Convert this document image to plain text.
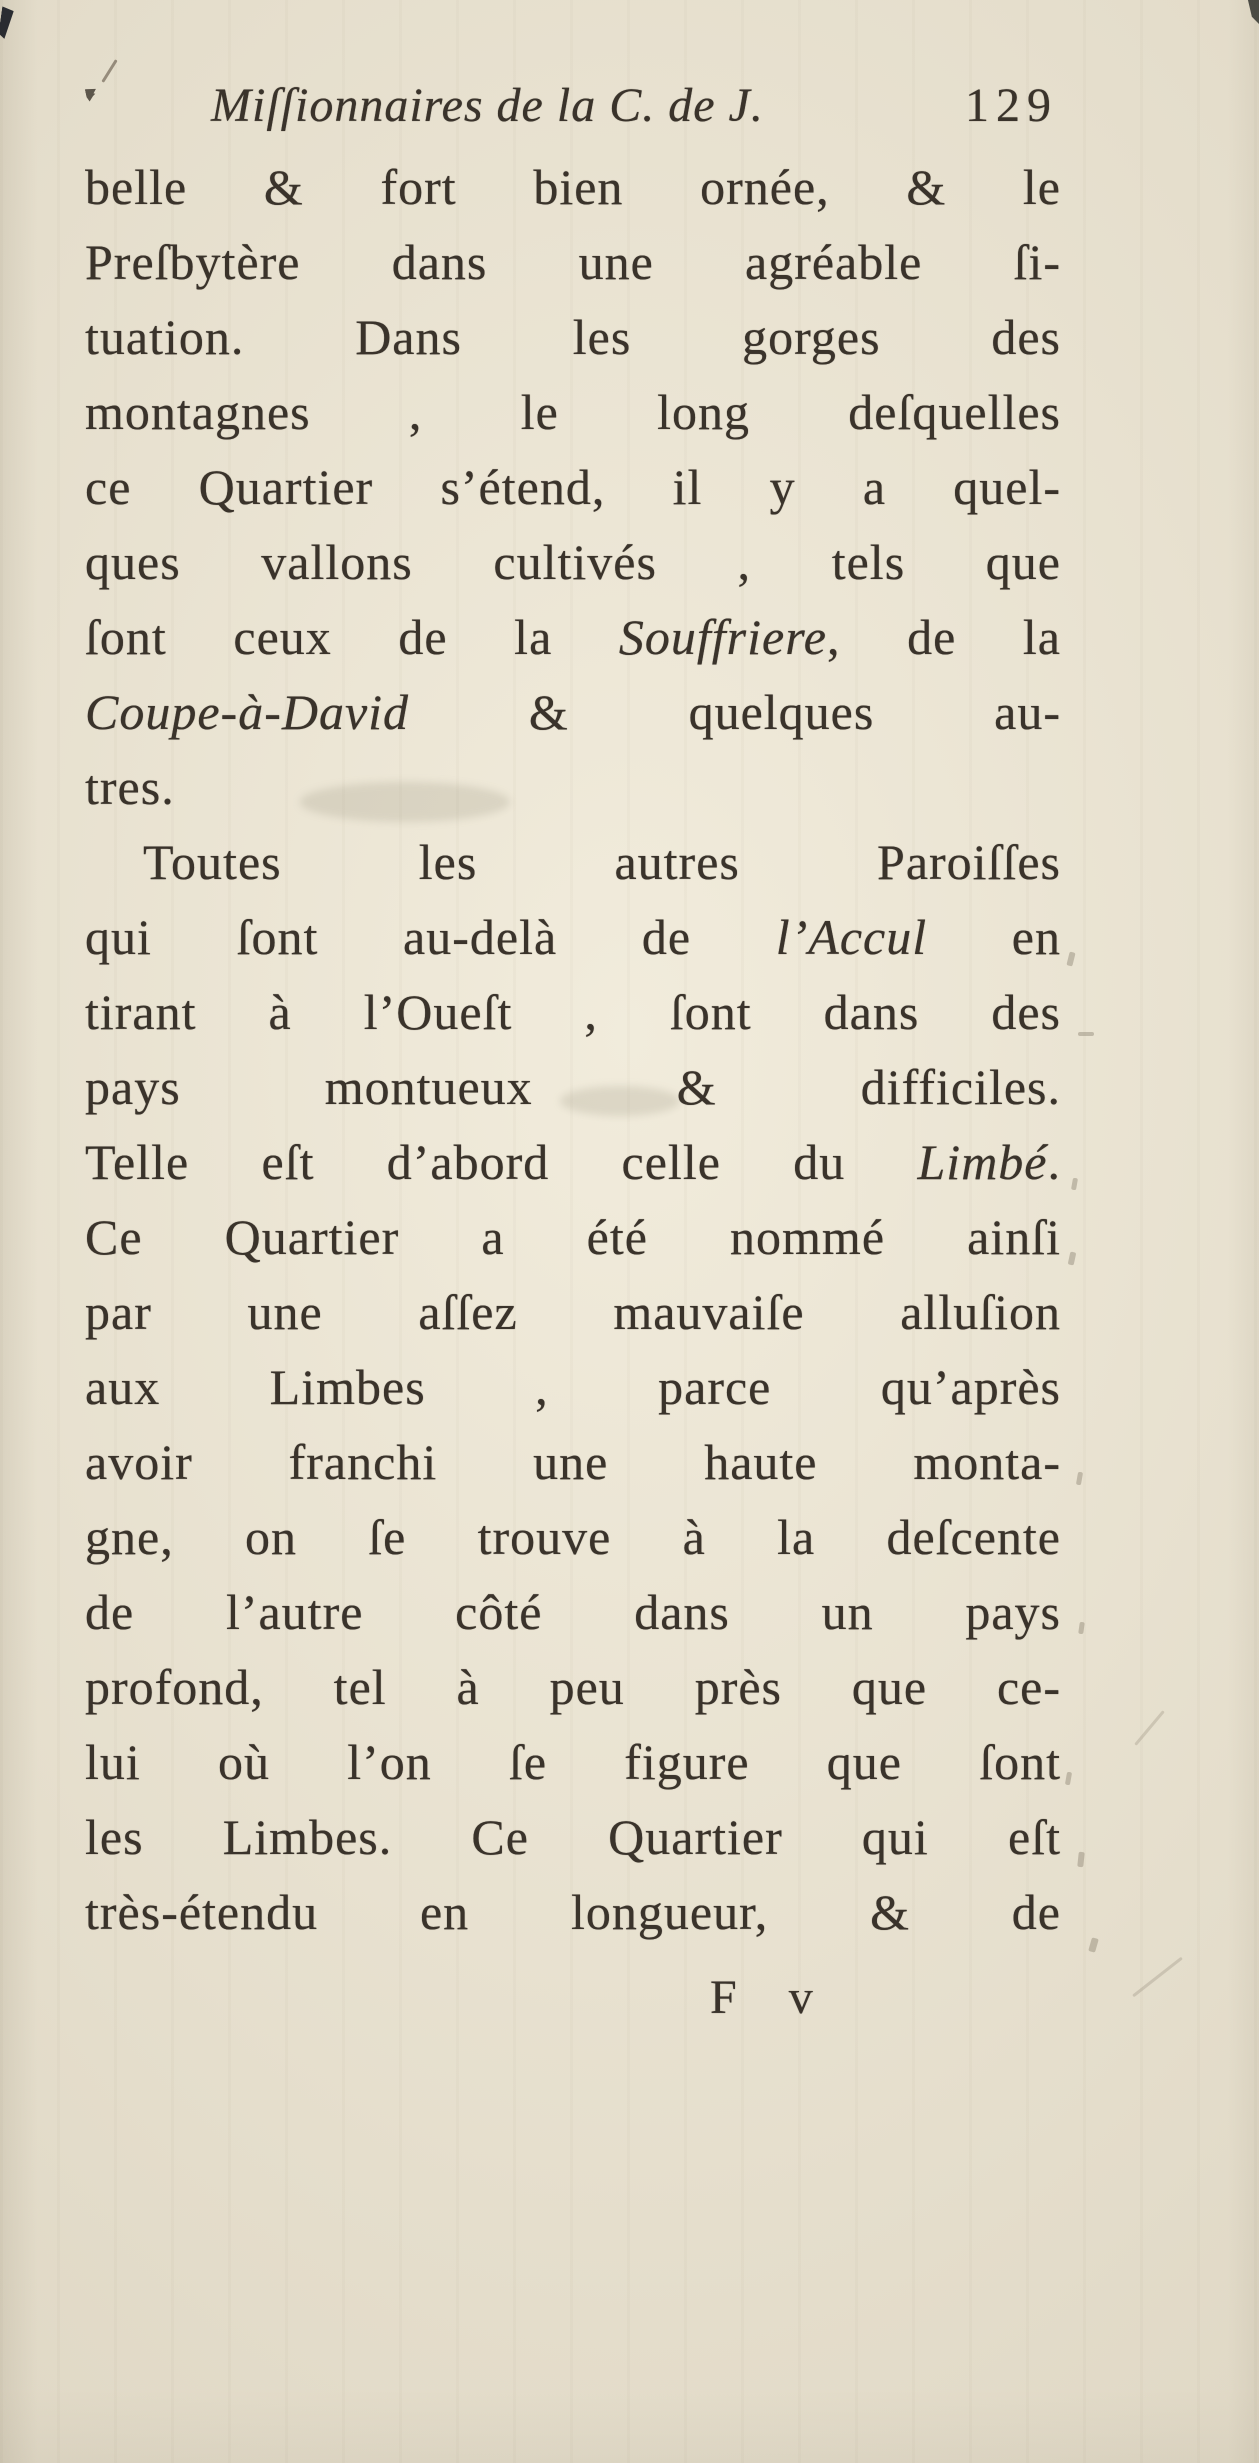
Miſſionnaires de la C. de J.	129
belle & fort bien ornée, & le
Preſbytère dans une agréable ſi-
tuation. Dans les gorges des
montagnes , le long deſquelles
ce Quartier s’étend, il y a quel-
ques vallons cultivés , tels que
ſont ceux de la Souffriere, de la
Coupe-à-David & quelques au-
tres.
Toutes les autres Paroiſſes
qui ſont au-delà de l’Accul en
tirant à l’Oueſt , ſont dans des
pays montueux & difficiles.
Telle eſt d’abord celle du Limbé.
Ce Quartier a été nommé ainſi
par une aſſez mauvaiſe alluſion
aux Limbes , parce qu’après
avoir franchi une haute monta-
gne, on ſe trouve à la deſcente
de l’autre côté dans un pays
profond, tel à peu près que ce-
lui où l’on ſe figure que ſont
les Limbes. Ce Quartier qui eſt
très-étendu en longueur, & de
F v
